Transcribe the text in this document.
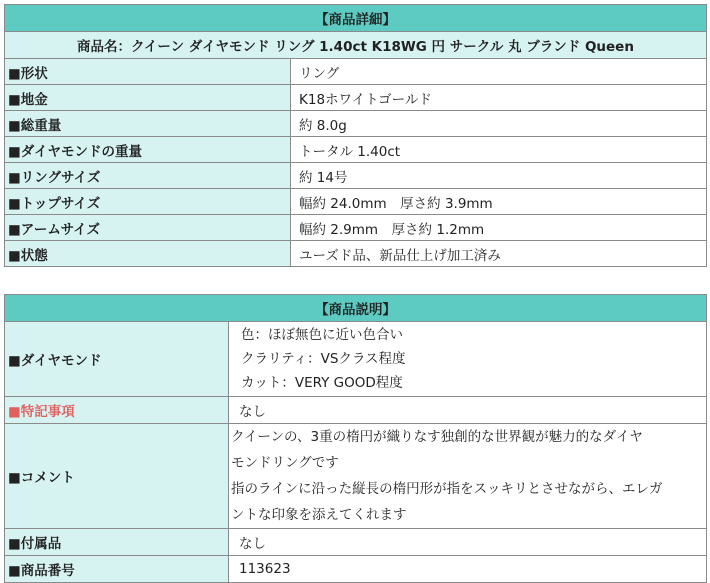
【商品詳細】	
商品名：クイーン ダイヤモンド リング 1.40ct K18WG 円 サークル 丸 ブランド Queen	
■形状	リング
■地金	K18ホワイトゴールド
■総重量	約 8.0g
■ダイヤモンドの重量	トータル 1.40ct
■リングサイズ	約 14号
■トップサイズ	幅約 24.0mm　厚さ約 3.9mm
■アームサイズ	幅約 2.9mm　厚さ約 1.2mm
■状態	ユーズド品、新品仕上げ加工済み
【商品説明】	
■ダイヤモンド	色：ほぼ無色に近い色合い
クラリティ：VSクラス程度
カット：VERY GOOD程度

■特記事項	なし
■コメント	クイーンの、3重の楕円が織りなす独創的な世界観が魅力的なダイヤ
モンドリングです
指のラインに沿った縦長の楕円形が指をスッキリとさせながら、エレガ
ントな印象を添えてくれます

■付属品	なし
■商品番号	113623
